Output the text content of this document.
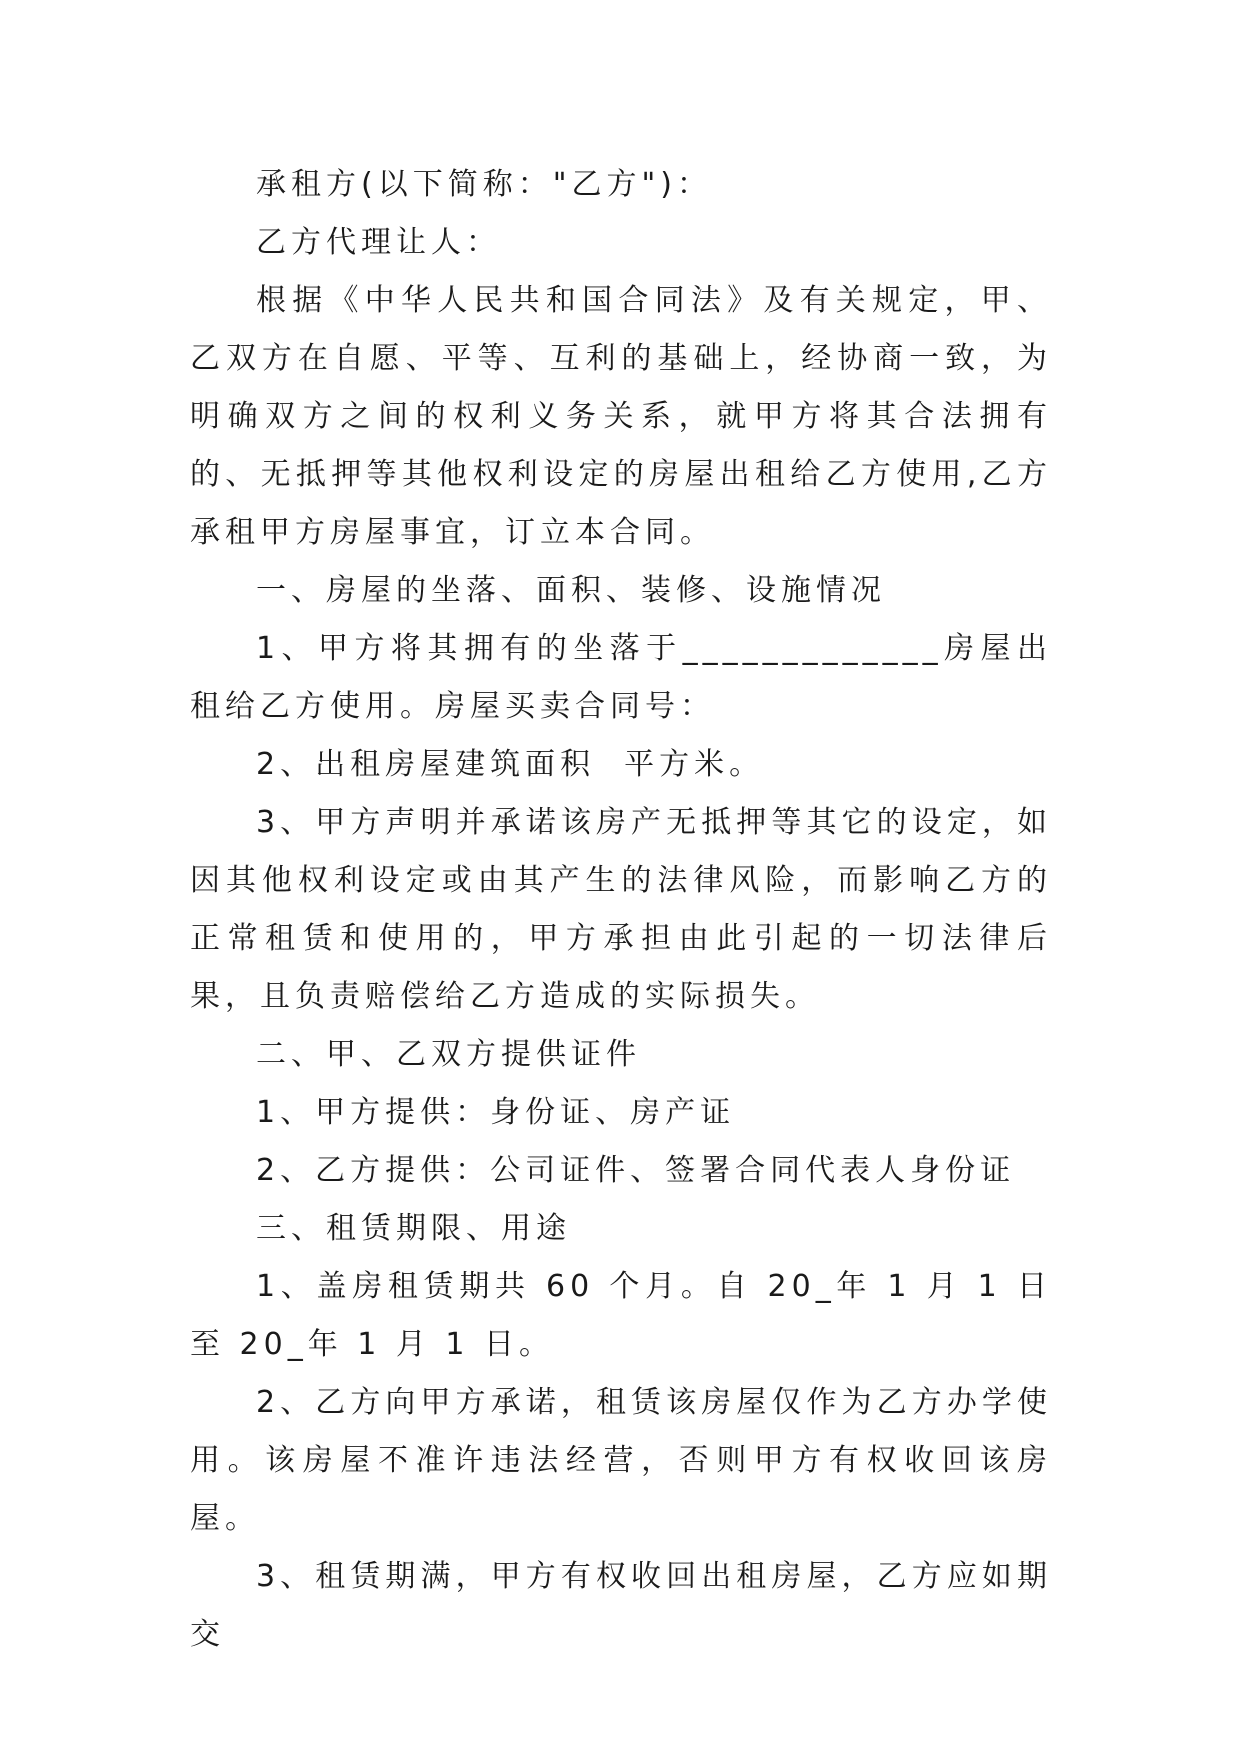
承租方(以下简称："乙方")：

乙方代理让人：

根据《中华人民共和国合同法》及有关规定，甲、乙双方在自愿、平等、互利的基础上，经协商一致，为明确双方之间的权利义务关系，就甲方将其合法拥有的、无抵押等其他权利设定的房屋出租给乙方使用,乙方承租甲方房屋事宜，订立本合同。

一、房屋的坐落、面积、装修、设施情况

1、甲方将其拥有的坐落于_____________房屋出租给乙方使用。房屋买卖合同号：

2、出租房屋建筑面积  平方米。

3、甲方声明并承诺该房产无抵押等其它的设定，如因其他权利设定或由其产生的法律风险，而影响乙方的正常租赁和使用的，甲方承担由此引起的一切法律后果，且负责赔偿给乙方造成的实际损失。

二、甲、乙双方提供证件

1、甲方提供：身份证、房产证

2、乙方提供：公司证件、签署合同代表人身份证

三、租赁期限、用途

1、盖房租赁期共 60 个月。自 20_年 1 月 1 日至 20_年 1 月 1 日。

2、乙方向甲方承诺，租赁该房屋仅作为乙方办学使用。该房屋不准许违法经营，否则甲方有权收回该房屋。

3、租赁期满，甲方有权收回出租房屋，乙方应如期交
